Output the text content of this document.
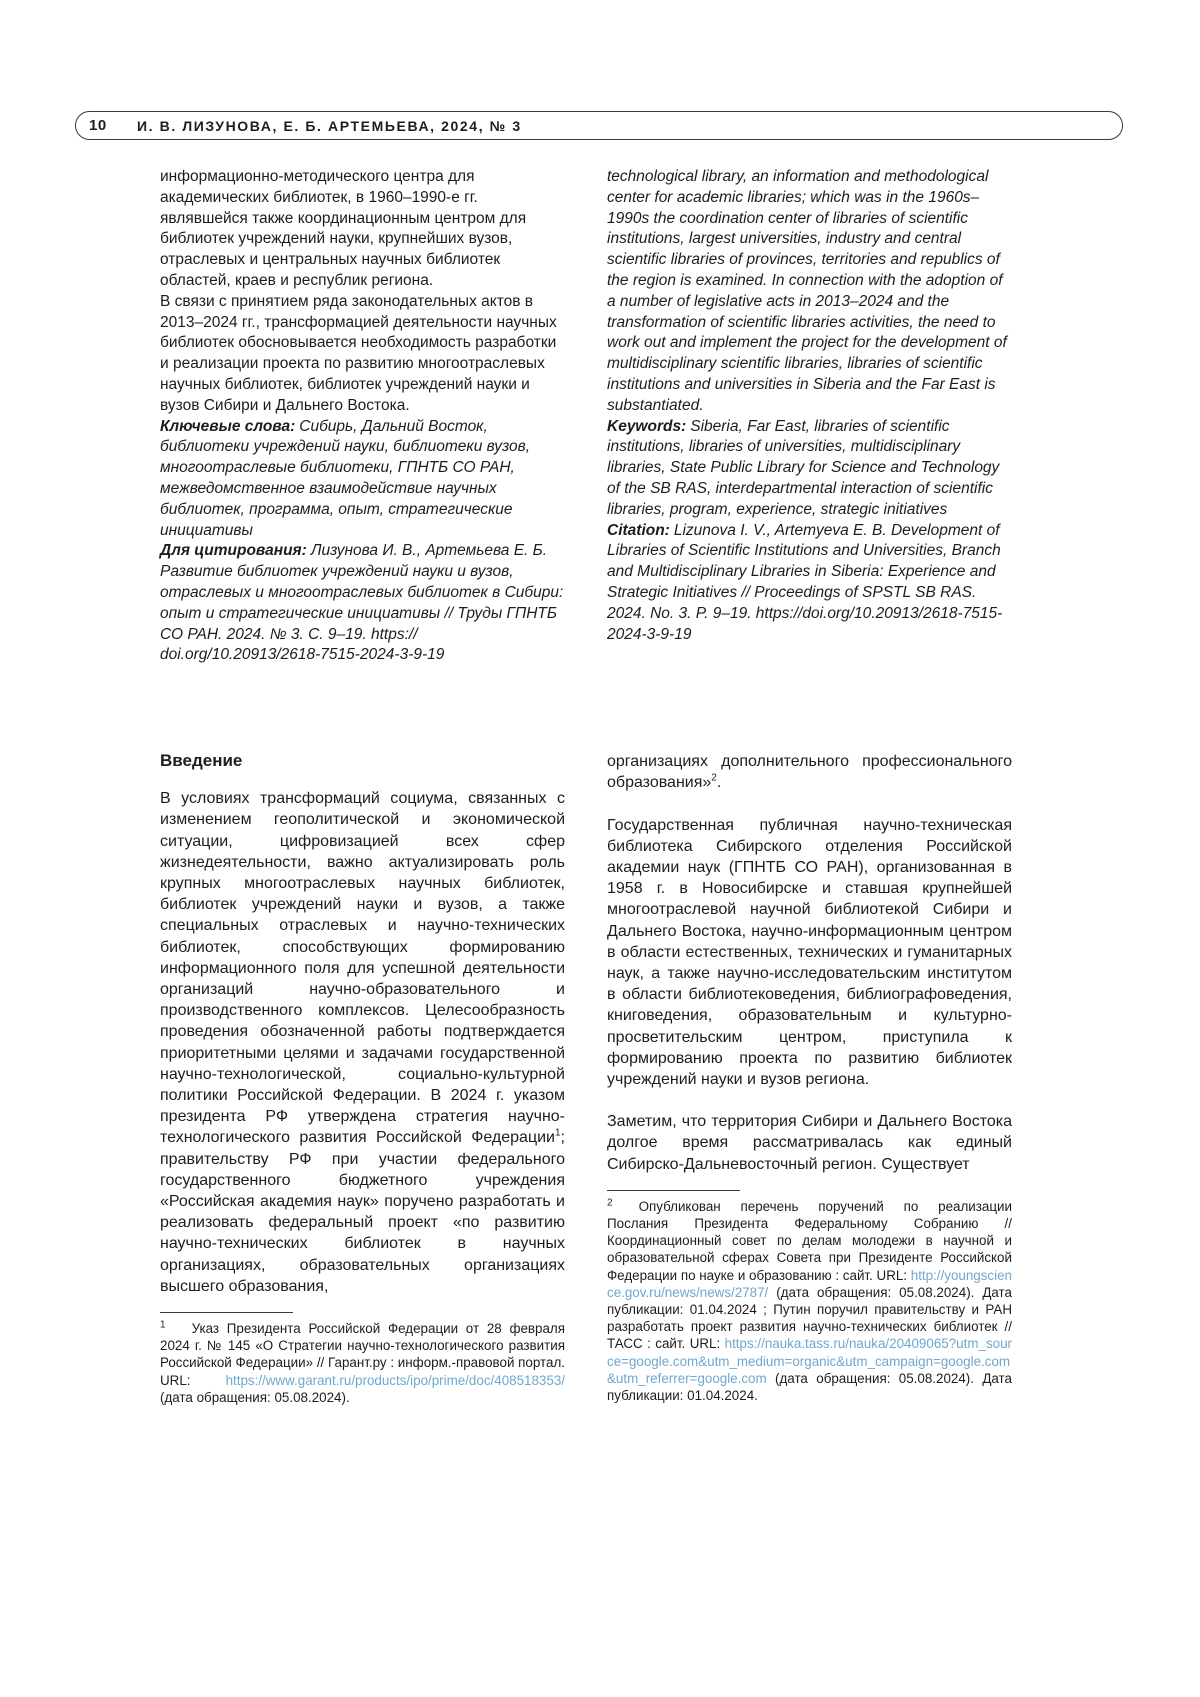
10	И. В. ЛИЗУНОВА, Е. Б. АРТЕМЬЕВА, 2024, № 3

информационно-методического центра для академических библиотек, в 1960–1990-е гг. являвшейся также координационным центром для библиотек учреждений науки, крупнейших вузов, отраслевых и центральных научных библиотек областей, краев и республик региона.

В связи с принятием ряда законодательных актов в 2013–2024 гг., трансформацией деятельности научных библиотек обосновывается необходимость разработки и реализации проекта по развитию многоотраслевых научных библиотек, библиотек учреждений науки и вузов Сибири и Дальнего Востока.

Ключевые слова: Сибирь, Дальний Восток, библиотеки учреждений науки, библиотеки вузов, многоотраслевые библиотеки, ГПНТБ СО РАН, межведомственное взаимодействие научных библиотек, программа, опыт, стратегические инициативы

Для цитирования: Лизунова И. В., Артемьева Е. Б. Развитие библиотек учреждений науки и вузов, отраслевых и многоотраслевых библиотек в Сибири: опыт и стратегические инициативы // Труды ГПНТБ СО РАН. 2024. № 3. С. 9–19. https:// doi.org/10.20913/2618-7515-2024-3-9-19

technological library, an information and methodological center for academic libraries; which was in the 1960s–1990s the coordination center of libraries of scientific institutions, largest universities, industry and central scientific libraries of provinces, territories and republics of the region is examined. In connection with the adoption of a number of legislative acts in 2013–2024 and the transformation of scientific libraries activities, the need to work out and implement the project for the development of multidisciplinary scientific libraries, libraries of scientific institutions and universities in Siberia and the Far East is substantiated.

Keywords: Siberia, Far East, libraries of scientific institutions, libraries of universities, multidisciplinary libraries, State Public Library for Science and Technology of the SB RAS, interdepartmental interaction of scientific libraries, program, experience, strategic initiatives

Citation: Lizunova I. V., Artemyeva E. B. Development of Libraries of Scientific Institutions and Universities, Branch and Multidisciplinary Libraries in Siberia: Experience and Strategic Initiatives // Proceedings of SPSTL SB RAS. 2024. No. 3. P. 9–19. https://doi.org/10.20913/2618-7515-2024-3-9-19

Введение

В условиях трансформаций социума, связанных с изменением геополитической и экономической ситуации, цифровизацией всех сфер жизнедеятельности, важно актуализировать роль крупных многоотраслевых научных библиотек, библиотек учреждений науки и вузов, а также специальных отраслевых и научно-технических библиотек, способствующих формированию информационного поля для успешной деятельности организаций научно-образовательного и производственного комплексов. Целесообразность проведения обозначенной работы подтверждается приоритетными целями и задачами государственной научно-технологической, социально-культурной политики Российской Федерации. В 2024 г. указом президента РФ утверждена стратегия научно-технологического развития Российской Федерации$^1$; правительству РФ при участии федерального государственного бюджетного учреждения «Российская академия наук» поручено разработать и реализовать федеральный проект «по развитию научно-технических библиотек в научных организациях, образовательных организациях высшего образования,

$^1$ Указ Президента Российской Федерации от 28 февраля 2024 г. № 145 «О Стратегии научно-технологического развития Российской Федерации» // Гарант.ру : информ.-правовой портал. URL: https://www.garant.ru/products/ipo/prime/doc/408518353/ (дата обращения: 05.08.2024).

организациях дополнительного профессионального образования»$^2$.

Государственная публичная научно-техническая библиотека Сибирского отделения Российской академии наук (ГПНТБ СО РАН), организованная в 1958 г. в Новосибирске и ставшая крупнейшей многоотраслевой научной библиотекой Сибири и Дальнего Востока, научно-информационным центром в области естественных, технических и гуманитарных наук, а также научно-исследовательским институтом в области библиотековедения, библиографоведения, книговедения, образовательным и культурно-просветительским центром, приступила к формированию проекта по развитию библиотек учреждений науки и вузов региона.

Заметим, что территория Сибири и Дальнего Востока долгое время рассматривалась как единый Сибирско-Дальневосточный регион. Существует

$^2$ Опубликован перечень поручений по реализации Послания Президента Федеральному Собранию // Координационный совет по делам молодежи в научной и образовательной сферах Совета при Президенте Российской Федерации по науке и образованию : сайт. URL: http://youngscience.gov.ru/news/news/2787/ (дата обращения: 05.08.2024). Дата публикации: 01.04.2024 ; Путин поручил правительству и РАН разработать проект развития научно-технических библиотек // ТАСС : сайт. URL: https://nauka.tass.ru/nauka/20409065?utm_source=google.com&utm_medium=organic&utm_campaign=google.com&utm_referrer=google.com (дата обращения: 05.08.2024). Дата публикации: 01.04.2024.
